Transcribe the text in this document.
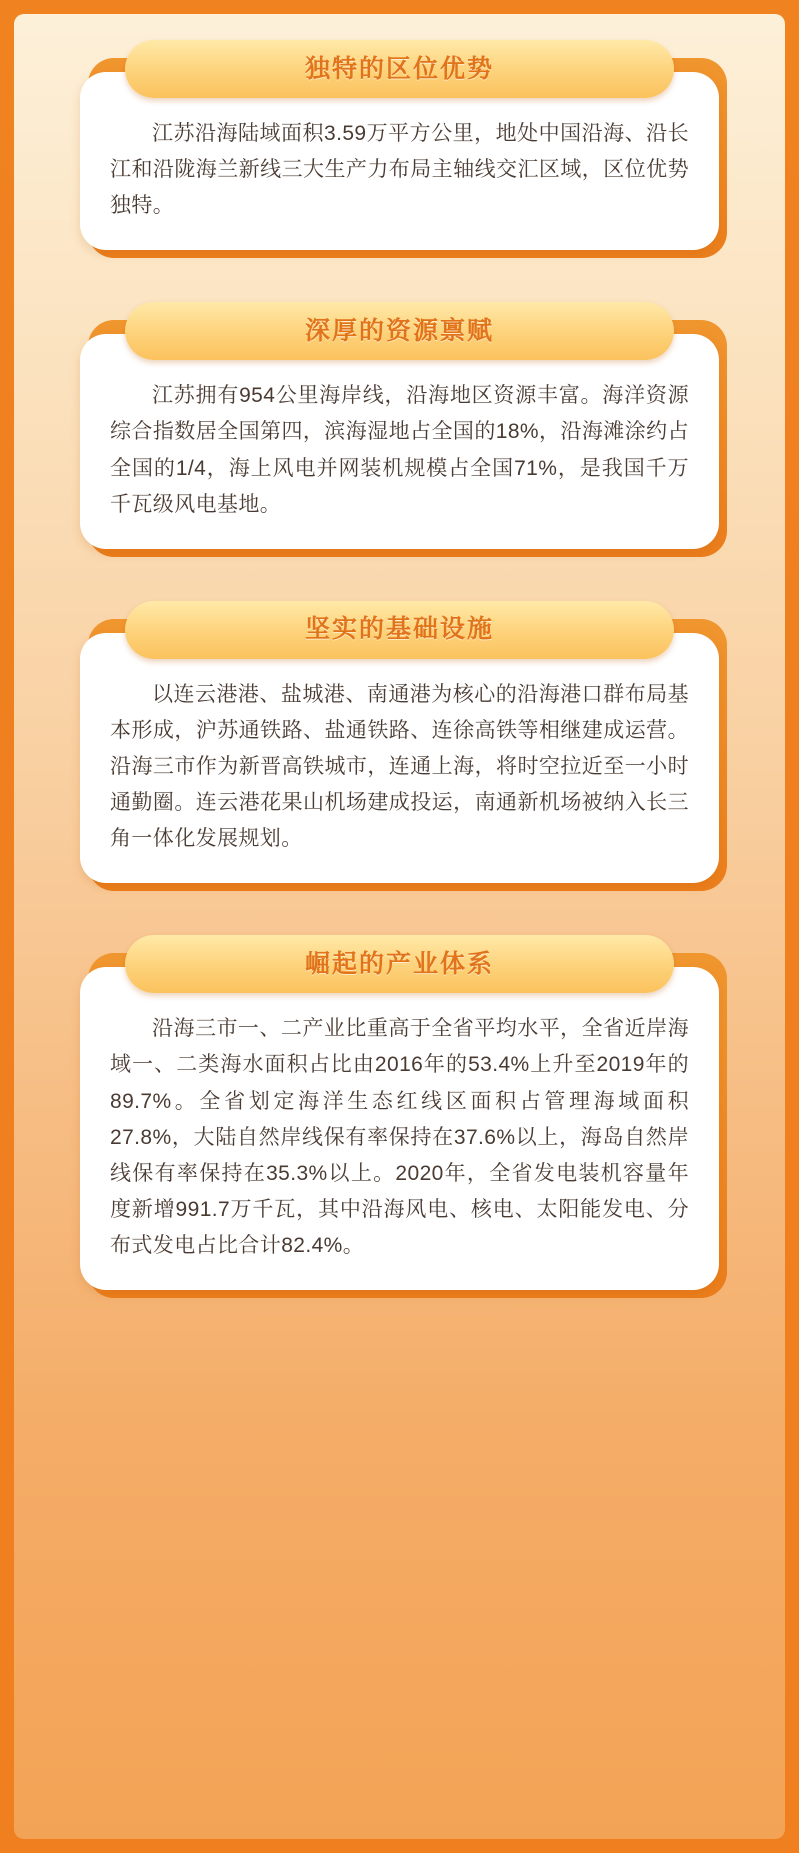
独特的区位优势

江苏沿海陆域面积3.59万平方公里，地处中国沿海、沿长江和沿陇海兰新线三大生产力布局主轴线交汇区域，区位优势独特。

深厚的资源禀赋

江苏拥有954公里海岸线，沿海地区资源丰富。海洋资源综合指数居全国第四，滨海湿地占全国的18%，沿海滩涂约占全国的1/4，海上风电并网装机规模占全国71%，是我国千万千瓦级风电基地。

坚实的基础设施

以连云港港、盐城港、南通港为核心的沿海港口群布局基本形成，沪苏通铁路、盐通铁路、连徐高铁等相继建成运营。沿海三市作为新晋高铁城市，连通上海，将时空拉近至一小时通勤圈。连云港花果山机场建成投运，南通新机场被纳入长三角一体化发展规划。

崛起的产业体系

沿海三市一、二产业比重高于全省平均水平，全省近岸海域一、二类海水面积占比由2016年的53.4%上升至2019年的89.7%。全省划定海洋生态红线区面积占管理海域面积27.8%，大陆自然岸线保有率保持在37.6%以上，海岛自然岸线保有率保持在35.3%以上。2020年，全省发电装机容量年度新增991.7万千瓦，其中沿海风电、核电、太阳能发电、分布式发电占比合计82.4%。
